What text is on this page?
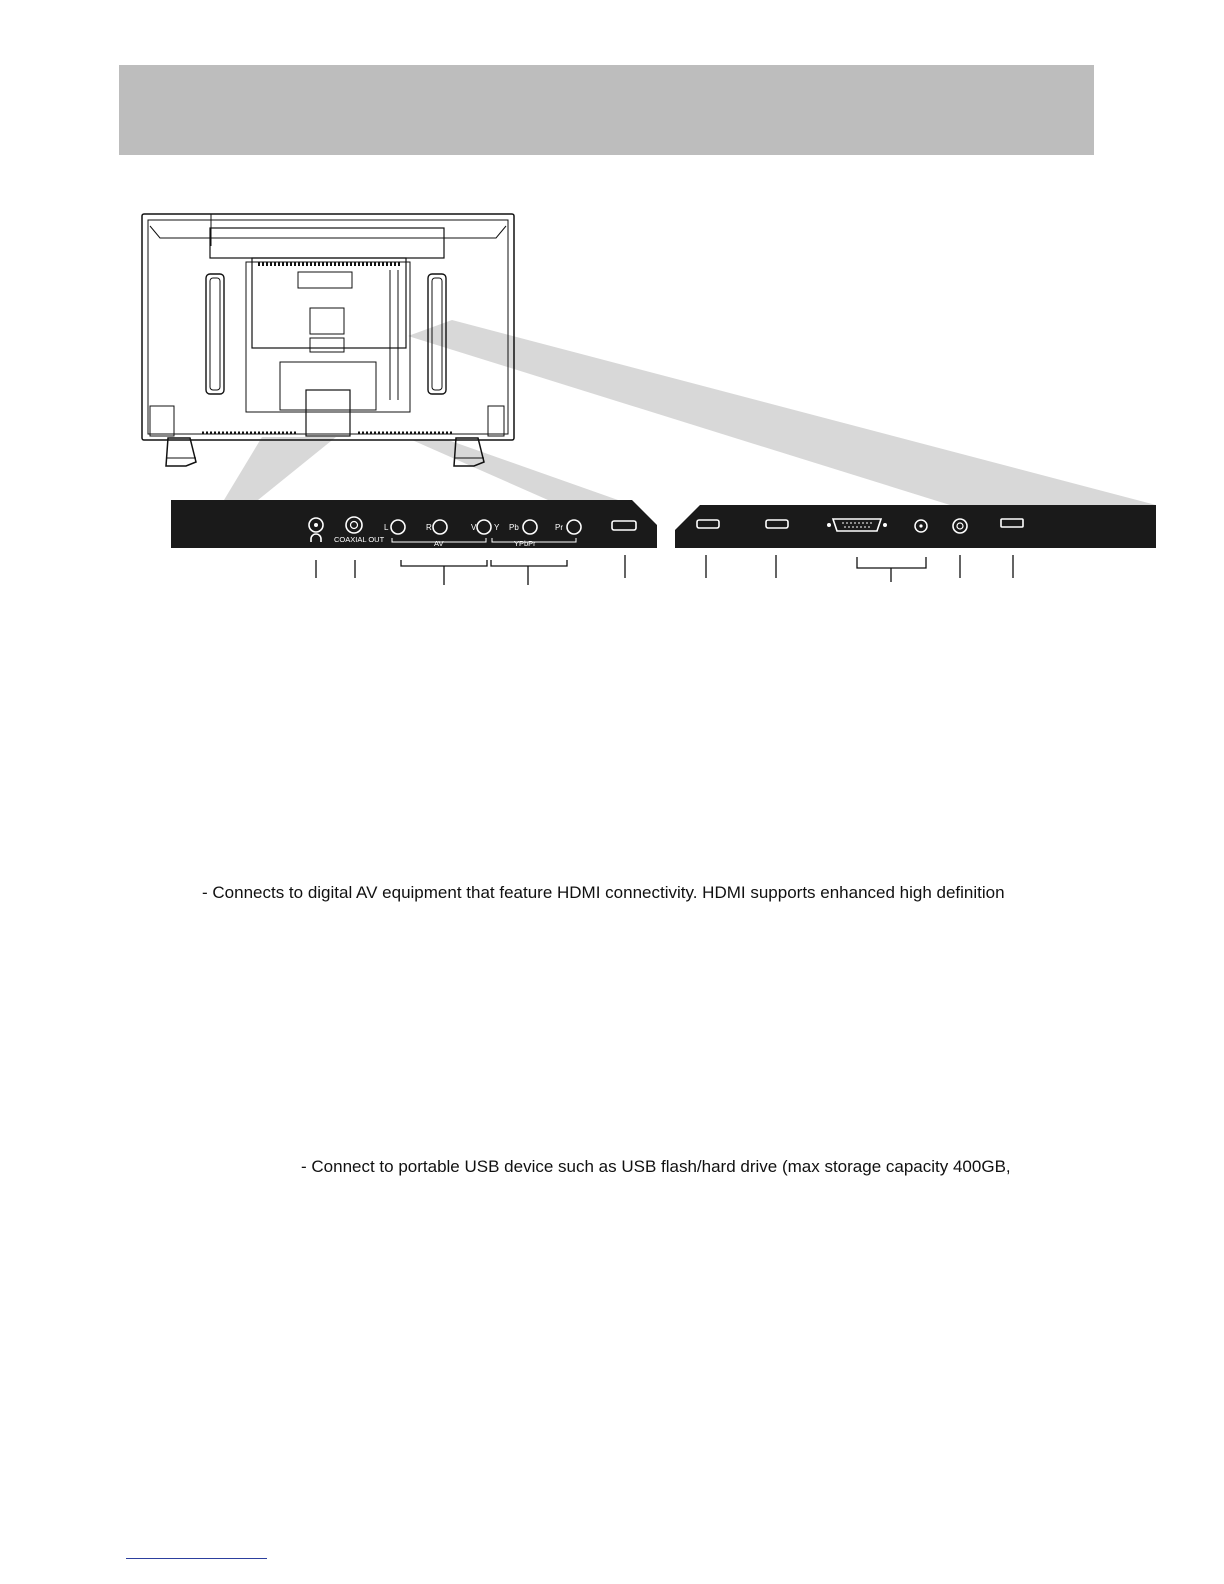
COAXIAL OUT
L	R	V Y Pb	Pr
AV	YPbPr
- Connects to digital AV equipment that feature HDMI connectivity. HDMI supports enhanced high definition
- Connect to portable USB device such as USB flash/hard drive (max storage capacity 400GB,
